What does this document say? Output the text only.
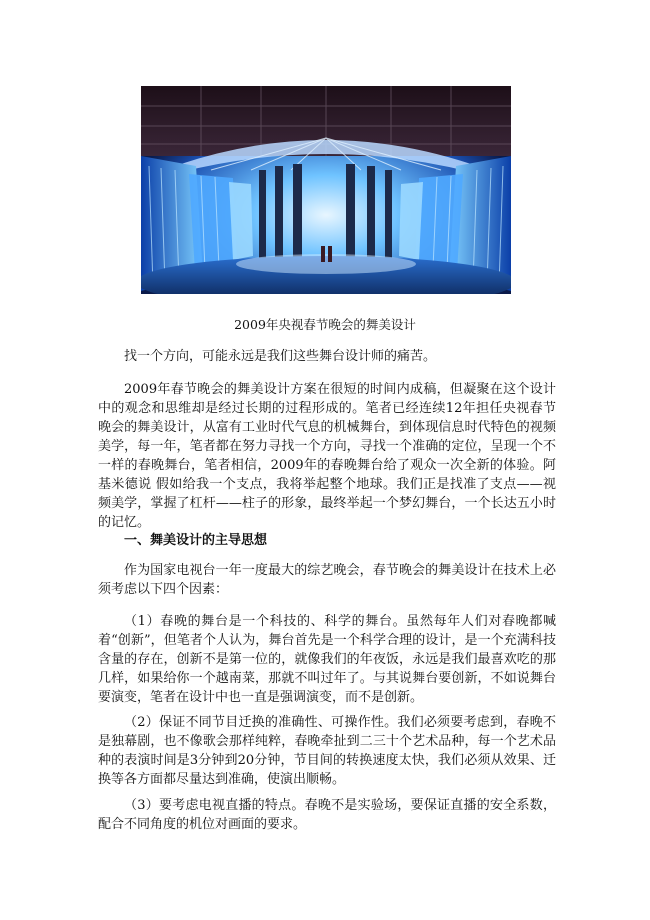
2009年央视春节晚会的舞美设计

找一个方向，可能永远是我们这些舞台设计师的痛苦。

2009年春节晚会的舞美设计方案在很短的时间内成稿，但凝聚在这个设计中的观念和思维却是经过长期的过程形成的。笔者已经连续12年担任央视春节晚会的舞美设计，从富有工业时代气息的机械舞台，到体现信息时代特色的视频美学，每一年，笔者都在努力寻找一个方向，寻找一个准确的定位，呈现一个不一样的春晚舞台，笔者相信，2009年的春晚舞台给了观众一次全新的体验。阿基米德说 假如给我一个支点，我将举起整个地球。我们正是找准了支点——视频美学，掌握了杠杆——柱子的形象，最终举起一个梦幻舞台，一个长达五小时的记忆。

一、舞美设计的主导思想

作为国家电视台一年一度最大的综艺晚会，春节晚会的舞美设计在技术上必须考虑以下四个因素：

（1）春晚的舞台是一个科技的、科学的舞台。虽然每年人们对春晚都喊着“创新”，但笔者个人认为，舞台首先是一个科学合理的设计，是一个充满科技含量的存在，创新不是第一位的，就像我们的年夜饭，永远是我们最喜欢吃的那几样，如果给你一个越南菜，那就不叫过年了。与其说舞台要创新，不如说舞台要演变，笔者在设计中也一直是强调演变，而不是创新。

（2）保证不同节目迁换的准确性、可操作性。我们必须要考虑到，春晚不是独幕剧，也不像歌会那样纯粹，春晚牵扯到二三十个艺术品种，每一个艺术品种的表演时间是3分钟到20分钟，节目间的转换速度太快，我们必须从效果、迁换等各方面都尽量达到准确，使演出顺畅。

（3）要考虑电视直播的特点。春晚不是实验场，要保证直播的安全系数，配合不同角度的机位对画面的要求。
